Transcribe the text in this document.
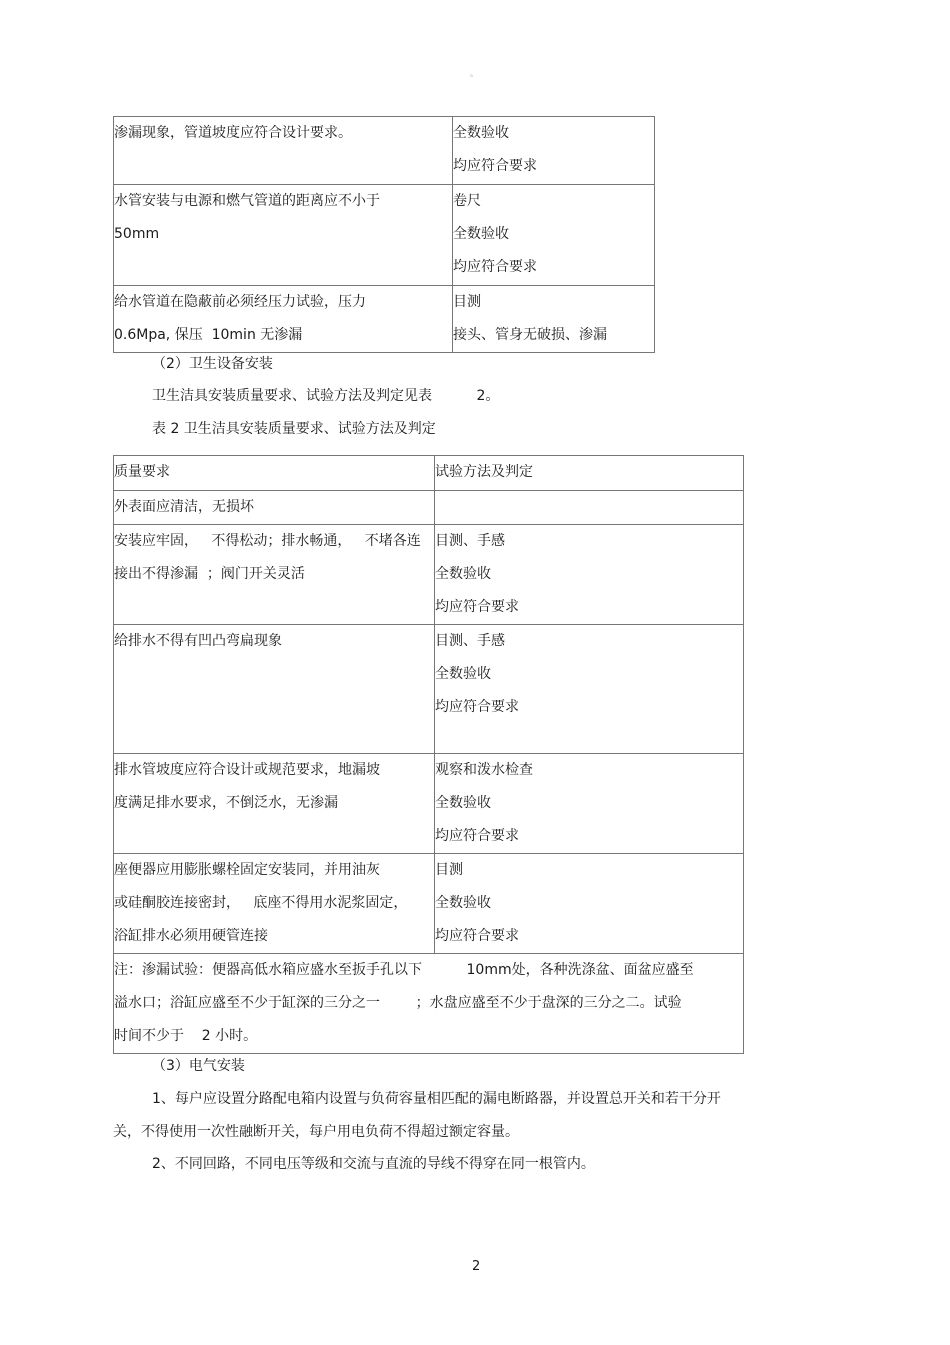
。
渗漏现象，管道坡度应符合设计要求。	全数验收
均应符合要求

水管安装与电源和燃气管道的距离应不小于
50mm	卷尺
全数验收
均应符合要求

给水管道在隐蔽前必须经压力试验，压力
0.6Mpa, 保压  10min 无渗漏	目测
接头、管身无破损、渗漏
（2）卫生设备安装
卫生洁具安装质量要求、试验方法及判定见表          2。
表 2 卫生洁具安装质量要求、试验方法及判定
质量要求	试验方法及判定

外表面应清洁，无损坏	

安装应牢固，   不得松动；排水畅通，   不堵各连
接出不得渗漏  ；阀门开关灵活	目测、手感
全数验收
均应符合要求

给排水不得有凹凸弯扁现象	目测、手感
全数验收
均应符合要求

排水管坡度应符合设计或规范要求，地漏坡
度满足排水要求，不倒泛水，无渗漏	观察和泼水检查
全数验收
均应符合要求

座便器应用膨胀螺栓固定安装同，并用油灰
或硅酮胶连接密封，   底座不得用水泥浆固定，
浴缸排水必须用硬管连接	目测
全数验收
均应符合要求

注：渗漏试验：便器高低水箱应盛水至扳手孔以下          10mm处，各种洗涤盆、面盆应盛至
溢水口；浴缸应盛至不少于缸深的三分之一        ；水盘应盛至不少于盘深的三分之二。试验
时间不少于    2 小时。	
（3）电气安装
1、每户应设置分路配电箱内设置与负荷容量相匹配的漏电断路器，并设置总开关和若干分开
关，不得使用一次性融断开关，每户用电负荷不得超过额定容量。
2、不同回路，不同电压等级和交流与直流的导线不得穿在同一根管内。
2
